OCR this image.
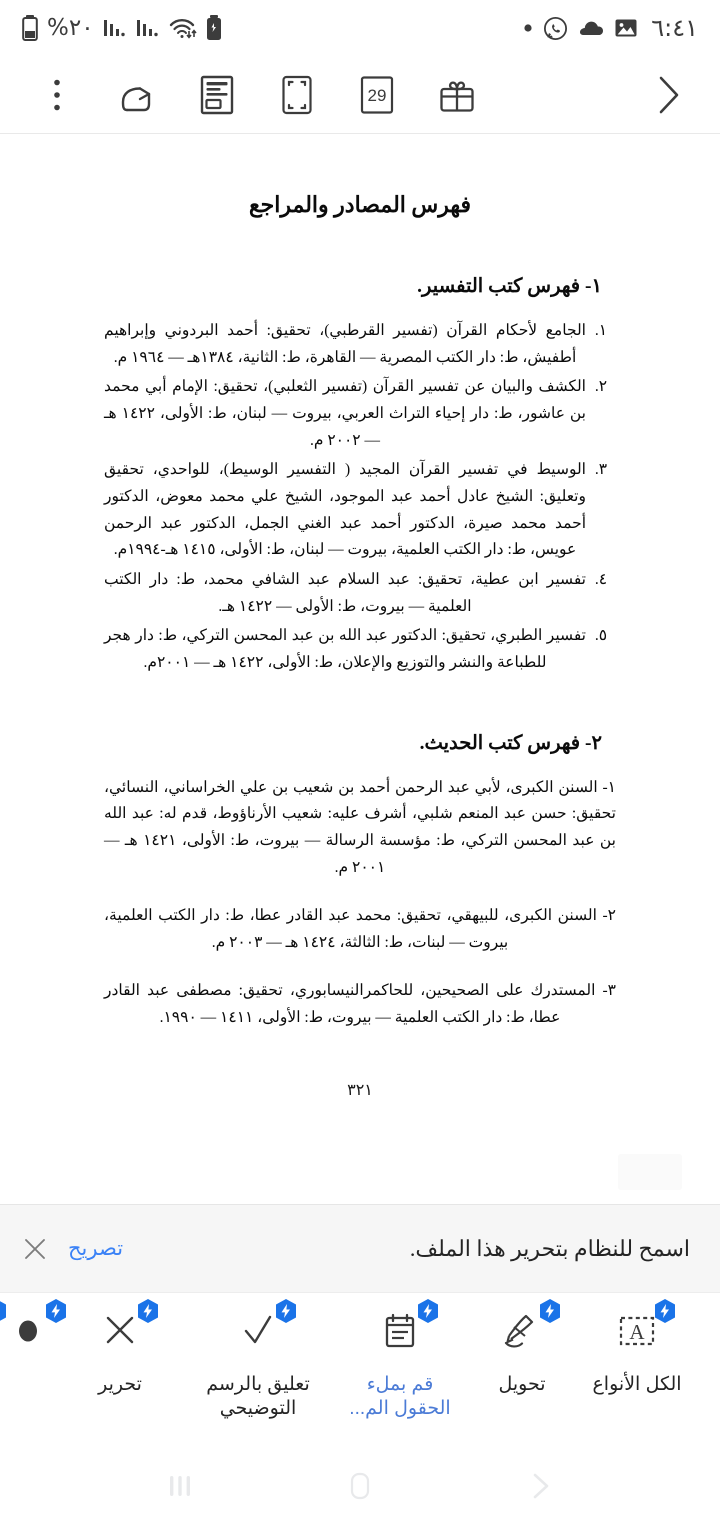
%٢٠	٦:٤١
29
فهرس المصادر والمراجع
١- فهرس كتب التفسير.
١.
الجامع لأحكام القرآن (تفسير القرطبي)، تحقيق: أحمد البردوني وإبراهيم أطفيش، ط: دار الكتب المصرية — القاهرة، ط: الثانية، ١٣٨٤هـ — ١٩٦٤ م.
٢.
الكشف والبيان عن تفسير القرآن (تفسير الثعلبي)، تحقيق: الإمام أبي محمد بن عاشور، ط: دار إحياء التراث العربي، بيروت — لبنان، ط: الأولى، ١٤٢٢ هـ — ٢٠٠٢ م.
٣.
الوسيط في تفسير القرآن المجيد ( التفسير الوسيط)، للواحدي، تحقيق وتعليق: الشيخ عادل أحمد عبد الموجود، الشيخ علي محمد معوض، الدكتور أحمد محمد صيرة، الدكتور أحمد عبد الغني الجمل، الدكتور عبد الرحمن عويس، ط: دار الكتب العلمية، بيروت — لبنان، ط: الأولى، ١٤١٥ هـ-١٩٩٤م.
٤.
تفسير ابن عطية، تحقيق: عبد السلام عبد الشافي محمد، ط: دار الكتب العلمية — بيروت، ط: الأولى — ١٤٢٢ هـ.
٥.
تفسير الطبري، تحقيق: الدكتور عبد الله بن عبد المحسن التركي، ط: دار هجر للطباعة والنشر والتوزيع والإعلان، ط: الأولى، ١٤٢٢ هـ — ٢٠٠١م.
٢- فهرس كتب الحديث.
١- السنن الكبرى، لأبي عبد الرحمن أحمد بن شعيب بن علي الخراساني، النسائي، تحقيق: حسن عبد المنعم شلبي، أشرف عليه: شعيب الأرناؤوط، قدم له: عبد الله بن عبد المحسن التركي، ط: مؤسسة الرسالة — بيروت، ط: الأولى، ١٤٢١ هـ — ٢٠٠١ م.
٢- السنن الكبرى، للبيهقي، تحقيق: محمد عبد القادر عطا، ط: دار الكتب العلمية، بيروت — لبنات، ط: الثالثة، ١٤٢٤ هـ — ٢٠٠٣ م.
٣- المستدرك على الصحيحين، للحاكمرالنيسابوري، تحقيق: مصطفى عبد القادر عطا، ط: دار الكتب العلمية — بيروت، ط: الأولى، ١٤١١ — ١٩٩٠.
٣٢١
اسمح للنظام بتحرير هذا الملف.
تصريح
A
الكل الأنواع
تحويل
قم بملء الحقول الم...
تعليق بالرسم التوضيحي
تحرير
